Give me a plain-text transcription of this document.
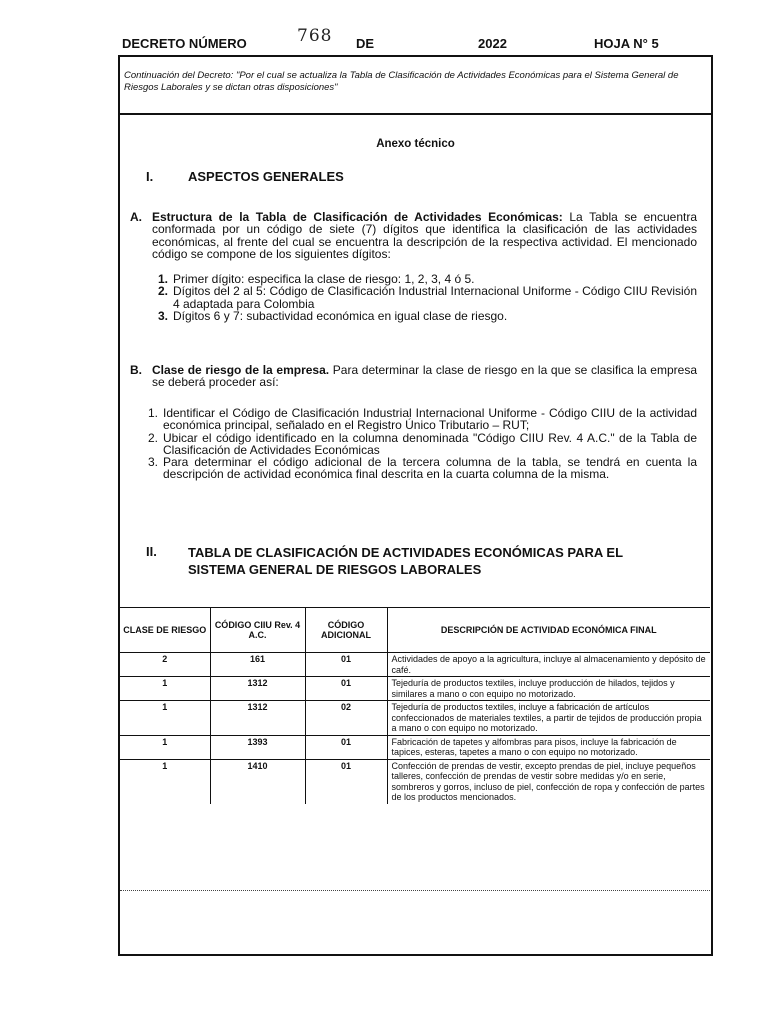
DECRETO NÚMERO	768 DE	2022	HOJA N° 5
Continuación del Decreto: "Por el cual se actualiza la Tabla de Clasificación de Actividades Económicas para el Sistema General de Riesgos Laborales y se dictan otras disposiciones"
Anexo técnico
I.	ASPECTOS GENERALES
A. Estructura de la Tabla de Clasificación de Actividades Económicas: La Tabla se encuentra conformada por un código de siete (7) dígitos que identifica la clasificación de las actividades económicas, al frente del cual se encuentra la descripción de la respectiva actividad. El mencionado código se compone de los siguientes dígitos:
1. Primer dígito: especifica la clase de riesgo: 1, 2, 3, 4 ó 5.
2. Dígitos del 2 al 5: Código de Clasificación Industrial Internacional Uniforme - Código CIIU Revisión 4 adaptada para Colombia
3. Dígitos 6 y 7: subactividad económica en igual clase de riesgo.
B. Clase de riesgo de la empresa. Para determinar la clase de riesgo en la que se clasifica la empresa se deberá proceder así:
1. Identificar el Código de Clasificación Industrial Internacional Uniforme - Código CIIU de la actividad económica principal, señalado en el Registro Único Tributario – RUT;
2. Ubicar el código identificado en la columna denominada "Código CIIU Rev. 4 A.C." de la Tabla de Clasificación de Actividades Económicas
3. Para determinar el código adicional de la tercera columna de la tabla, se tendrá en cuenta la descripción de actividad económica final descrita en la cuarta columna de la misma.
II. TABLA DE CLASIFICACIÓN DE ACTIVIDADES ECONÓMICAS PARA EL
SISTEMA GENERAL DE RIESGOS LABORALES
CLASE DE RIESGO	CÓDIGO CIIU Rev. 4 A.C.	CÓDIGO ADICIONAL	DESCRIPCIÓN DE ACTIVIDAD ECONÓMICA FINAL
2	161	01	Actividades de apoyo a la agricultura, incluye al almacenamiento y depósito de café.
1	1312	01	Tejeduría de productos textiles, incluye producción de hilados, tejidos y similares a mano o con equipo no motorizado.
1	1312	02	Tejeduría de productos textiles, incluye a fabricación de artículos confeccionados de materiales textiles, a partir de tejidos de producción propia a mano o con equipo no motorizado.
1	1393	01	Fabricación de tapetes y alfombras para pisos, incluye la fabricación de tapices, esteras, tapetes a mano o con equipo no motorizado.
1	1410	01	Confección de prendas de vestir, excepto prendas de piel, incluye pequeños talleres, confección de prendas de vestir sobre medidas y/o en serie, sombreros y gorros, incluso de piel, confección de ropa y confección de partes de los productos mencionados.
